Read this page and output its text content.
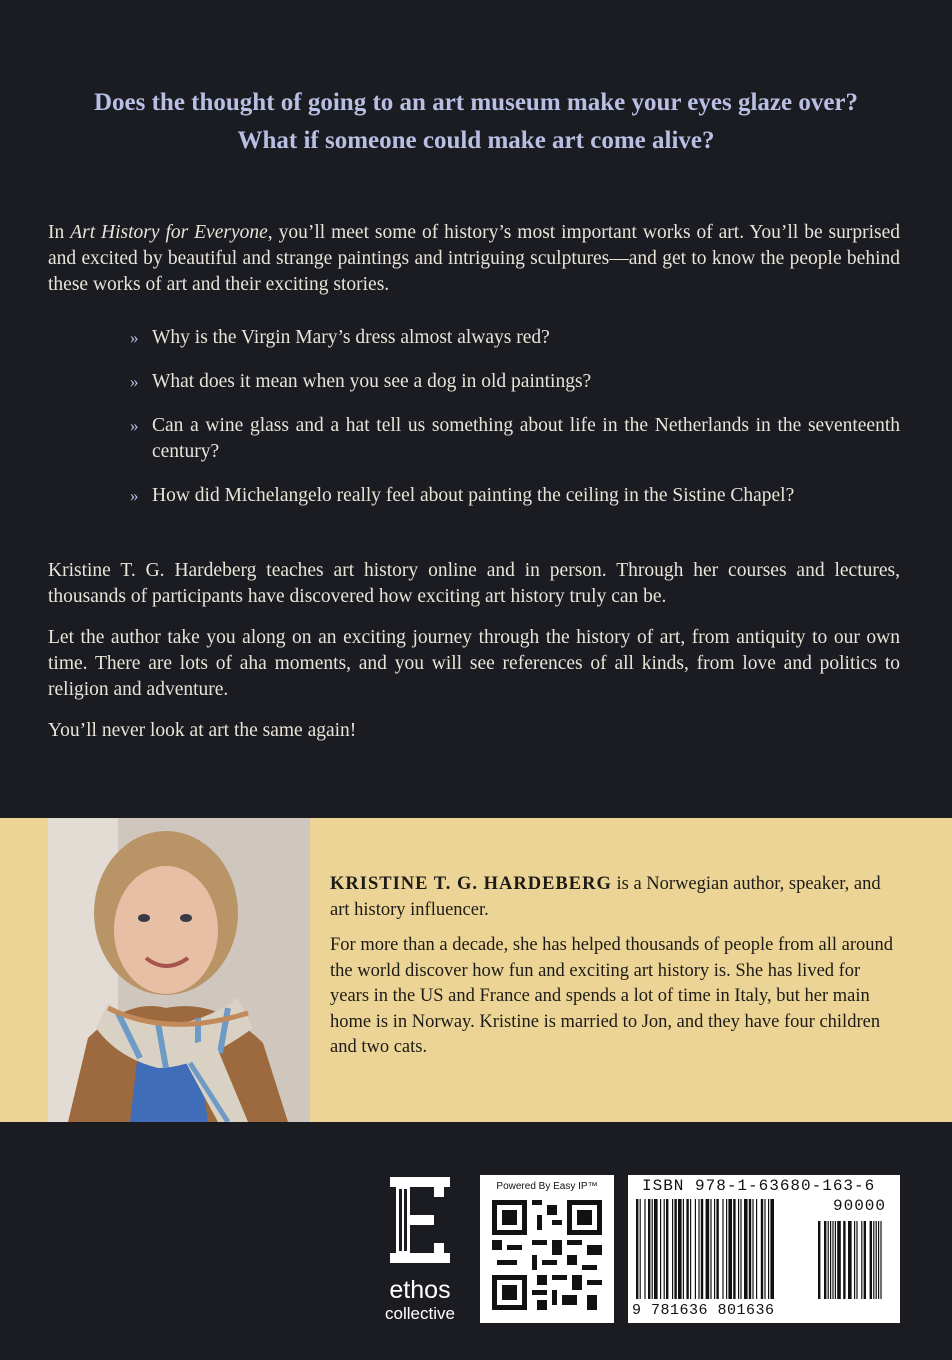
Does the thought of going to an art museum make your eyes glaze over?
What if someone could make art come alive?

In Art History for Everyone, you’ll meet some of history’s most important works of art. You’ll be surprised and excited by beautiful and strange paintings and intriguing sculptures—and get to know the people behind these works of art and their exciting stories.

» Why is the Virgin Mary’s dress almost always red?
» What does it mean when you see a dog in old paintings?
» Can a wine glass and a hat tell us something about life in the Netherlands in the seventeenth century?
» How did Michelangelo really feel about painting the ceiling in the Sistine Chapel?

Kristine T. G. Hardeberg teaches art history online and in person. Through her courses and lectures, thousands of participants have discovered how exciting art history truly can be.

Let the author take you along on an exciting journey through the history of art, from antiquity to our own time. There are lots of aha moments, and you will see references of all kinds, from love and politics to religion and adventure.

You’ll never look at art the same again!

KRISTINE T. G. HARDEBERG is a Norwegian author, speaker, and art history influencer.

For more than a decade, she has helped thousands of people from all around the world discover how fun and exciting art history is. She has lived for years in the US and France and spends a lot of time in Italy, but her main home is in Norway. Kristine is married to Jon, and they have four children and two cats.

ethos
collective
Powered By Easy IP™	ISBN 978-1-63680-163-6
90000
9 781636 801636
